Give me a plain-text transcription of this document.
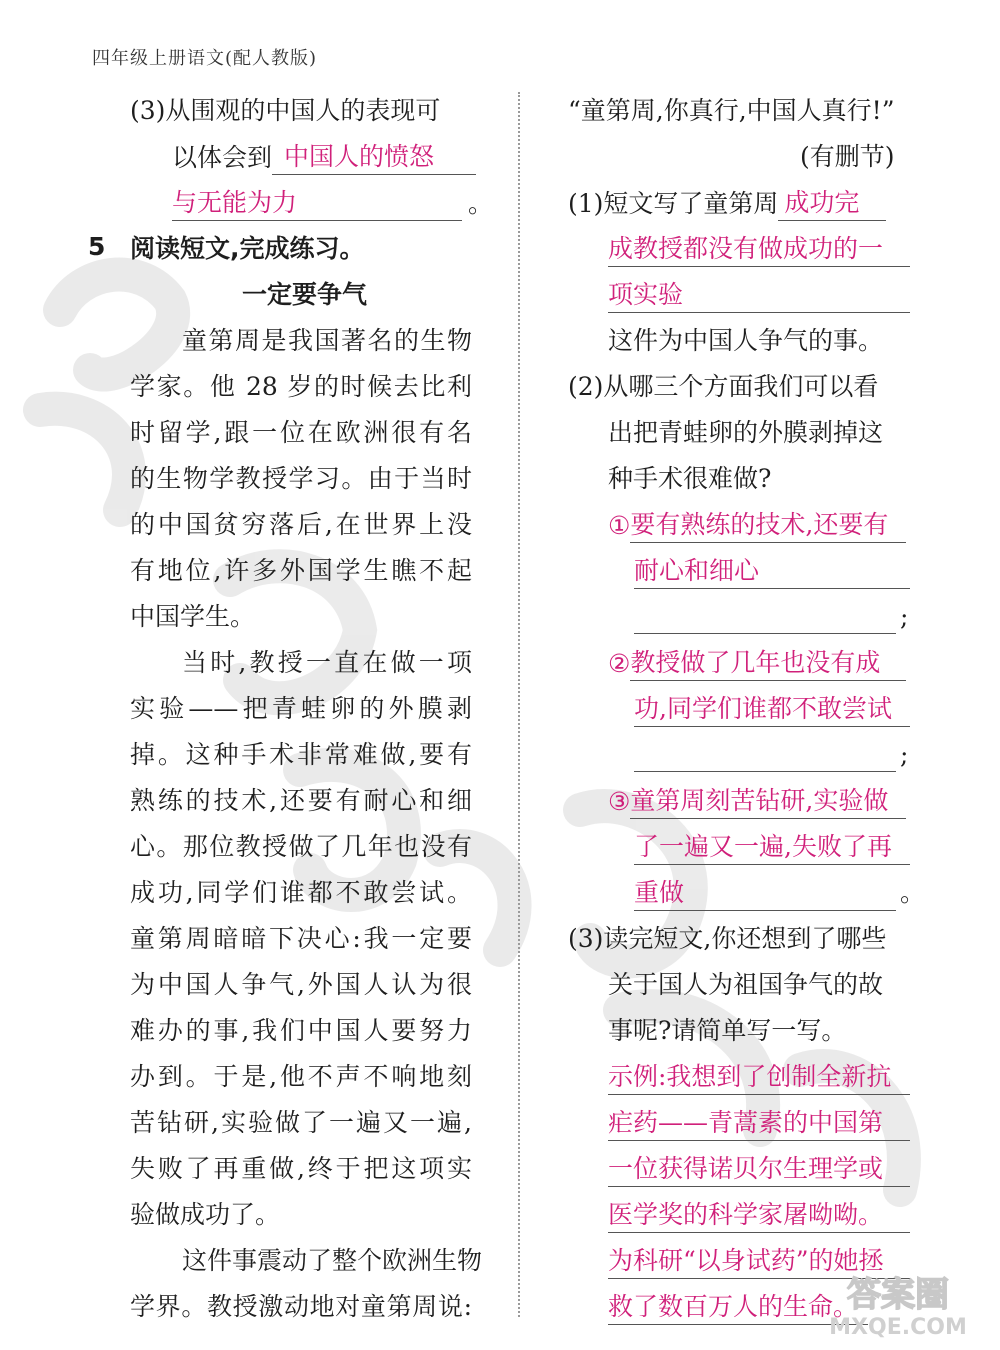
四年级上册语文(配人教版)
(3)从围观的中国人的表现可
以体会到 中国人的愤怒
与无能为力	。
5 阅读短文,完成练习。
一定要争气
童第周是我国著名的生物
学家。他 28 岁的时候去比利
时留学,跟一位在欧洲很有名
的生物学教授学习。由于当时
的中国贫穷落后,在世界上没
有地位,许多外国学生瞧不起
中国学生。
当时,教授一直在做一项
实验——把青蛙卵的外膜剥
掉。这种手术非常难做,要有
熟练的技术,还要有耐心和细
心。那位教授做了几年也没有
成功,同学们谁都不敢尝试。
童第周暗暗下决心:我一定要
为中国人争气,外国人认为很
难办的事,我们中国人要努力
办到。于是,他不声不响地刻
苦钻研,实验做了一遍又一遍,
失败了再重做,终于把这项实
验做成功了。
这件事震动了整个欧洲生物
学界。教授激动地对童第周说:
“童第周,你真行,中国人真行!”
(有删节)
(1)短文写了童第周 成功完
成教授都没有做成功的一
项实验
这件为中国人争气的事。
(2)从哪三个方面我们可以看
出把青蛙卵的外膜剥掉这
种手术很难做?
①要有熟练的技术,还要有
耐心和细心
;
②教授做了几年也没有成
功,同学们谁都不敢尝试
;
③童第周刻苦钻研,实验做
了一遍又一遍,失败了再
重做	。
(3)读完短文,你还想到了哪些
关于国人为祖国争气的故
事呢?请简单写一写。
示例:我想到了创制全新抗
疟药——青蒿素的中国第
一位获得诺贝尔生理学或
医学奖的科学家屠呦呦。
为科研“以身试药”的她拯
救了数百万人的生命。
答案圈
MXQE.COM
